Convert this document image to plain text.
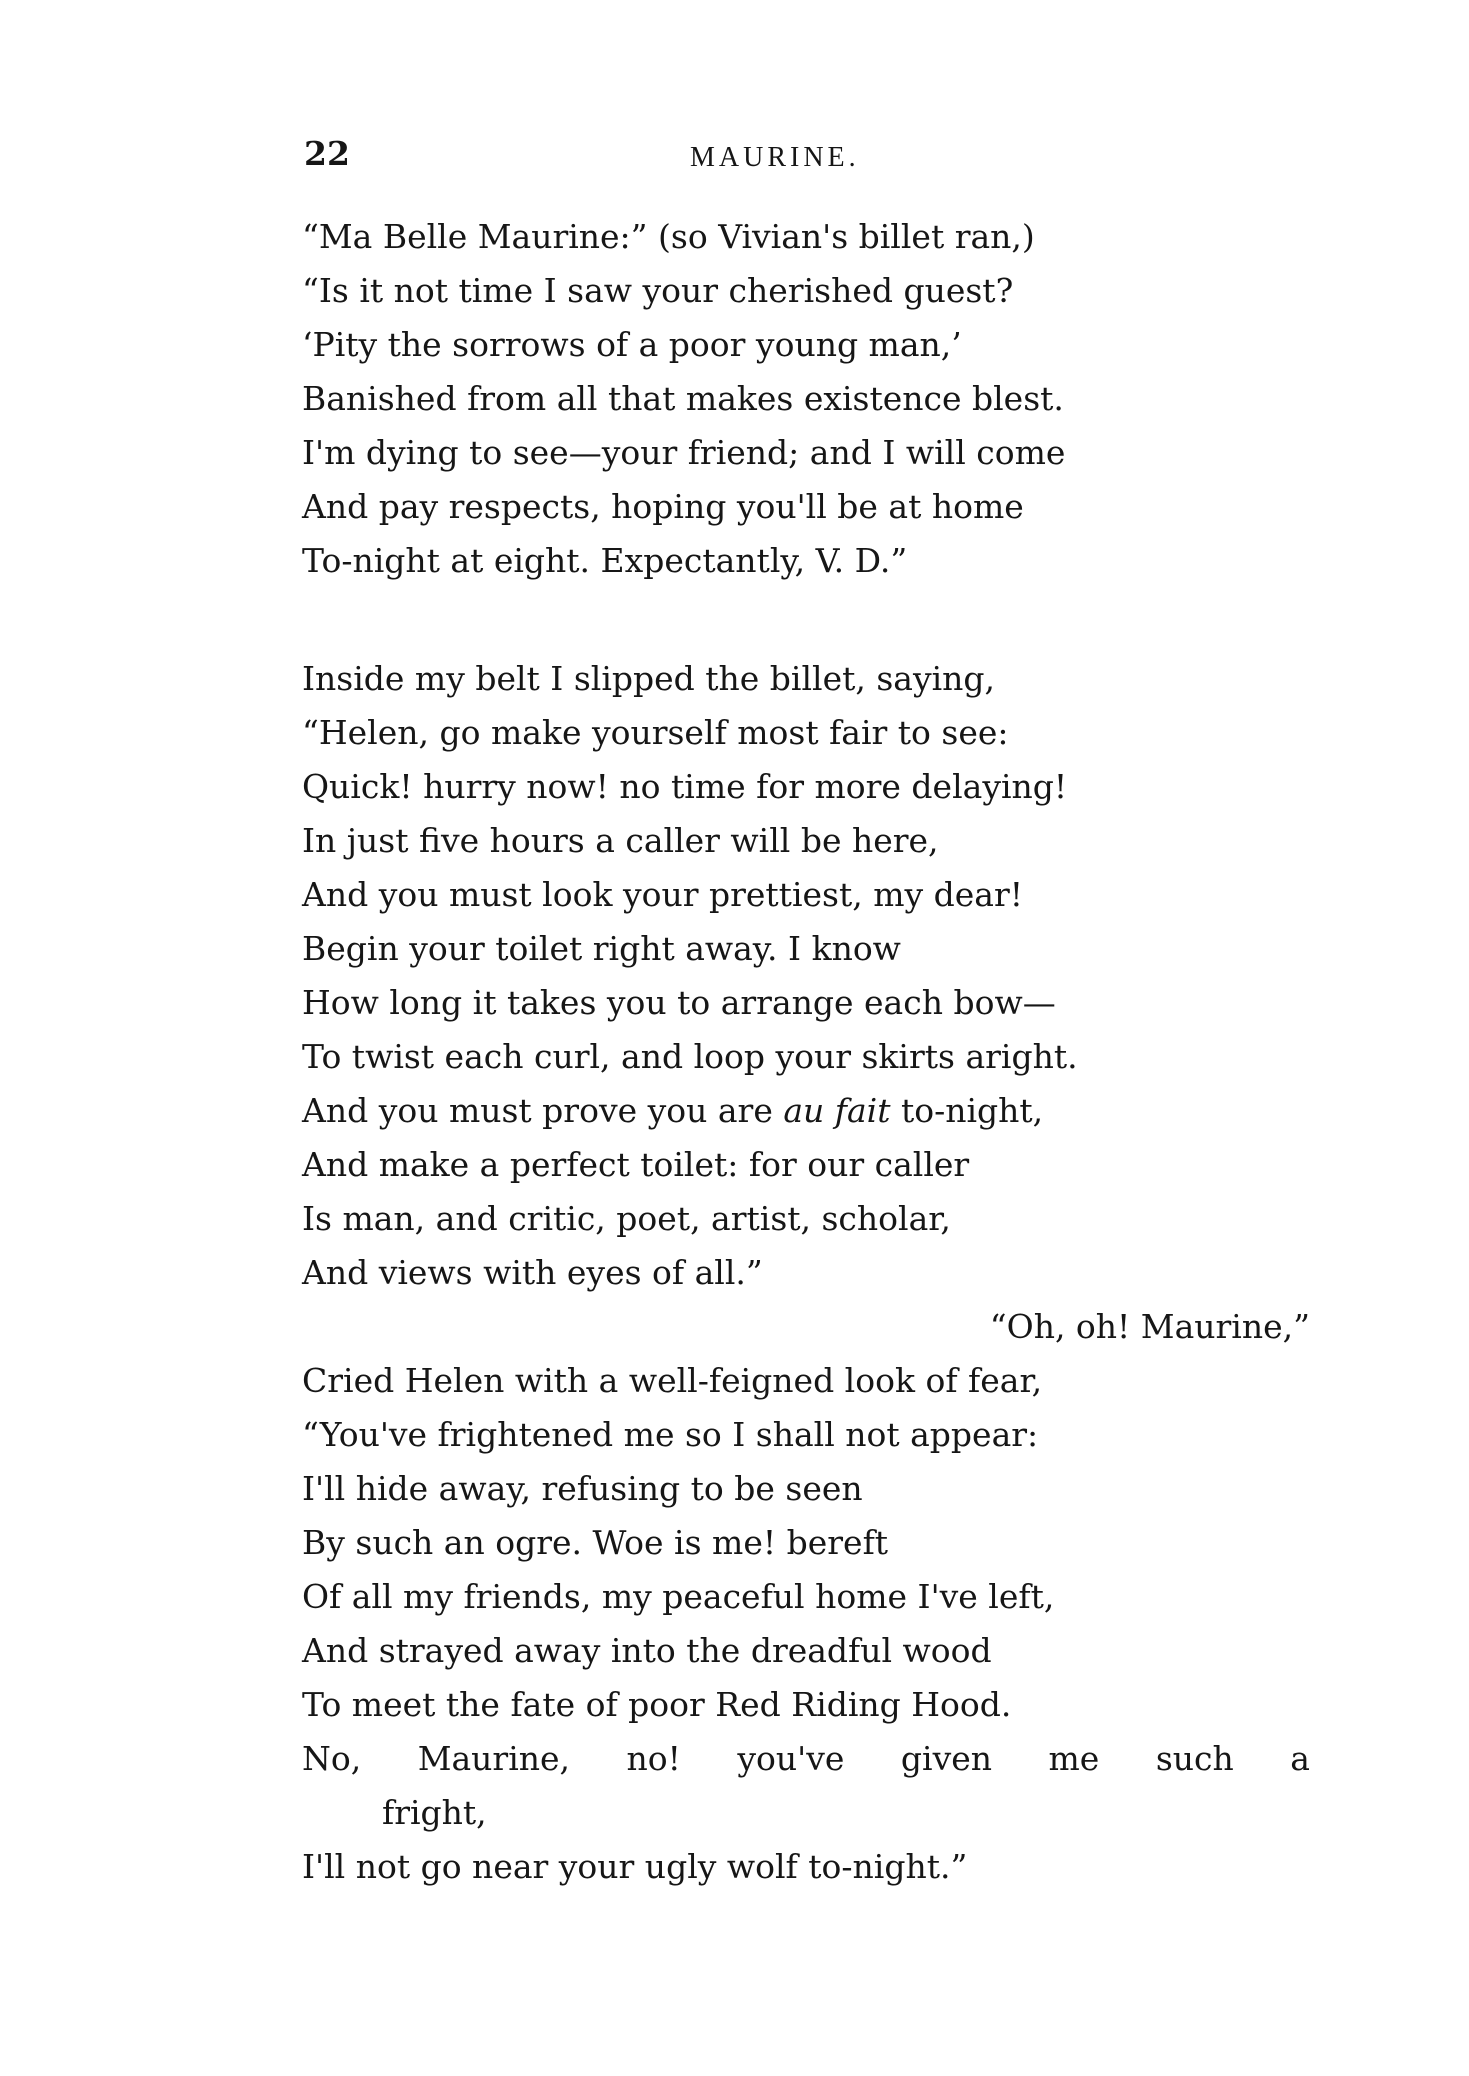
22	MAURINE.
“Ma Belle Maurine:” (so Vivian's billet ran,)
“Is it not time I saw your cherished guest?
‘Pity the sorrows of a poor young man,’
Banished from all that makes existence blest.
I'm dying to see—your friend; and I will come
And pay respects, hoping you'll be at home
To-night at eight. Expectantly, V. D.”
Inside my belt I slipped the billet, saying,
“Helen, go make yourself most fair to see:
Quick! hurry now! no time for more delaying!
In just five hours a caller will be here,
And you must look your prettiest, my dear!
Begin your toilet right away. I know
How long it takes you to arrange each bow—
To twist each curl, and loop your skirts aright.
And you must prove you are au fait to-night,
And make a perfect toilet: for our caller
Is man, and critic, poet, artist, scholar,
And views with eyes of all.”
“Oh, oh! Maurine,”
Cried Helen with a well-feigned look of fear,
“You've frightened me so I shall not appear:
I'll hide away, refusing to be seen
By such an ogre. Woe is me! bereft
Of all my friends, my peaceful home I've left,
And strayed away into the dreadful wood
To meet the fate of poor Red Riding Hood.
No, Maurine, no! you've given me such a
fright,
I'll not go near your ugly wolf to-night.”
